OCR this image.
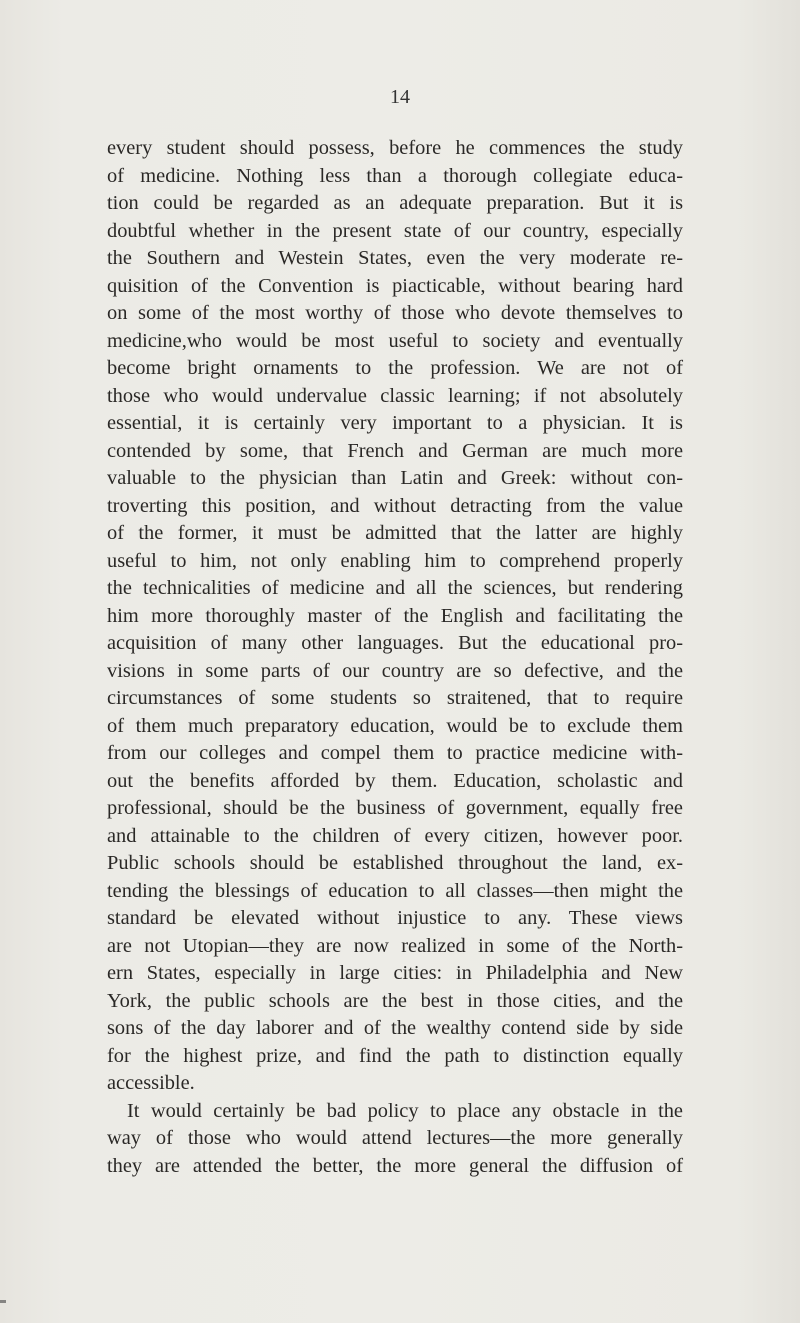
14
every student should possess, before he commences the study
of medicine. Nothing less than a thorough collegiate educa-
tion could be regarded as an adequate preparation. But it is
doubtful whether in the present state of our country, especially
the Southern and Westein States, even the very moderate re-
quisition of the Convention is piacticable, without bearing hard
on some of the most worthy of those who devote themselves to
medicine,who would be most useful to society and eventually
become bright ornaments to the profession. We are not of
those who would undervalue classic learning; if not absolutely
essential, it is certainly very important to a physician. It is
contended by some, that French and German are much more
valuable to the physician than Latin and Greek: without con-
troverting this position, and without detracting from the value
of the former, it must be admitted that the latter are highly
useful to him, not only enabling him to comprehend properly
the technicalities of medicine and all the sciences, but rendering
him more thoroughly master of the English and facilitating the
acquisition of many other languages. But the educational pro-
visions in some parts of our country are so defective, and the
circumstances of some students so straitened, that to require
of them much preparatory education, would be to exclude them
from our colleges and compel them to practice medicine with-
out the benefits afforded by them. Education, scholastic and
professional, should be the business of government, equally free
and attainable to the children of every citizen, however poor.
Public schools should be established throughout the land, ex-
tending the blessings of education to all classes—then might the
standard be elevated without injustice to any. These views
are not Utopian—they are now realized in some of the North-
ern States, especially in large cities: in Philadelphia and New
York, the public schools are the best in those cities, and the
sons of the day laborer and of the wealthy contend side by side
for the highest prize, and find the path to distinction equally
accessible.
It would certainly be bad policy to place any obstacle in the
way of those who would attend lectures—the more generally
they are attended the better, the more general the diffusion of
